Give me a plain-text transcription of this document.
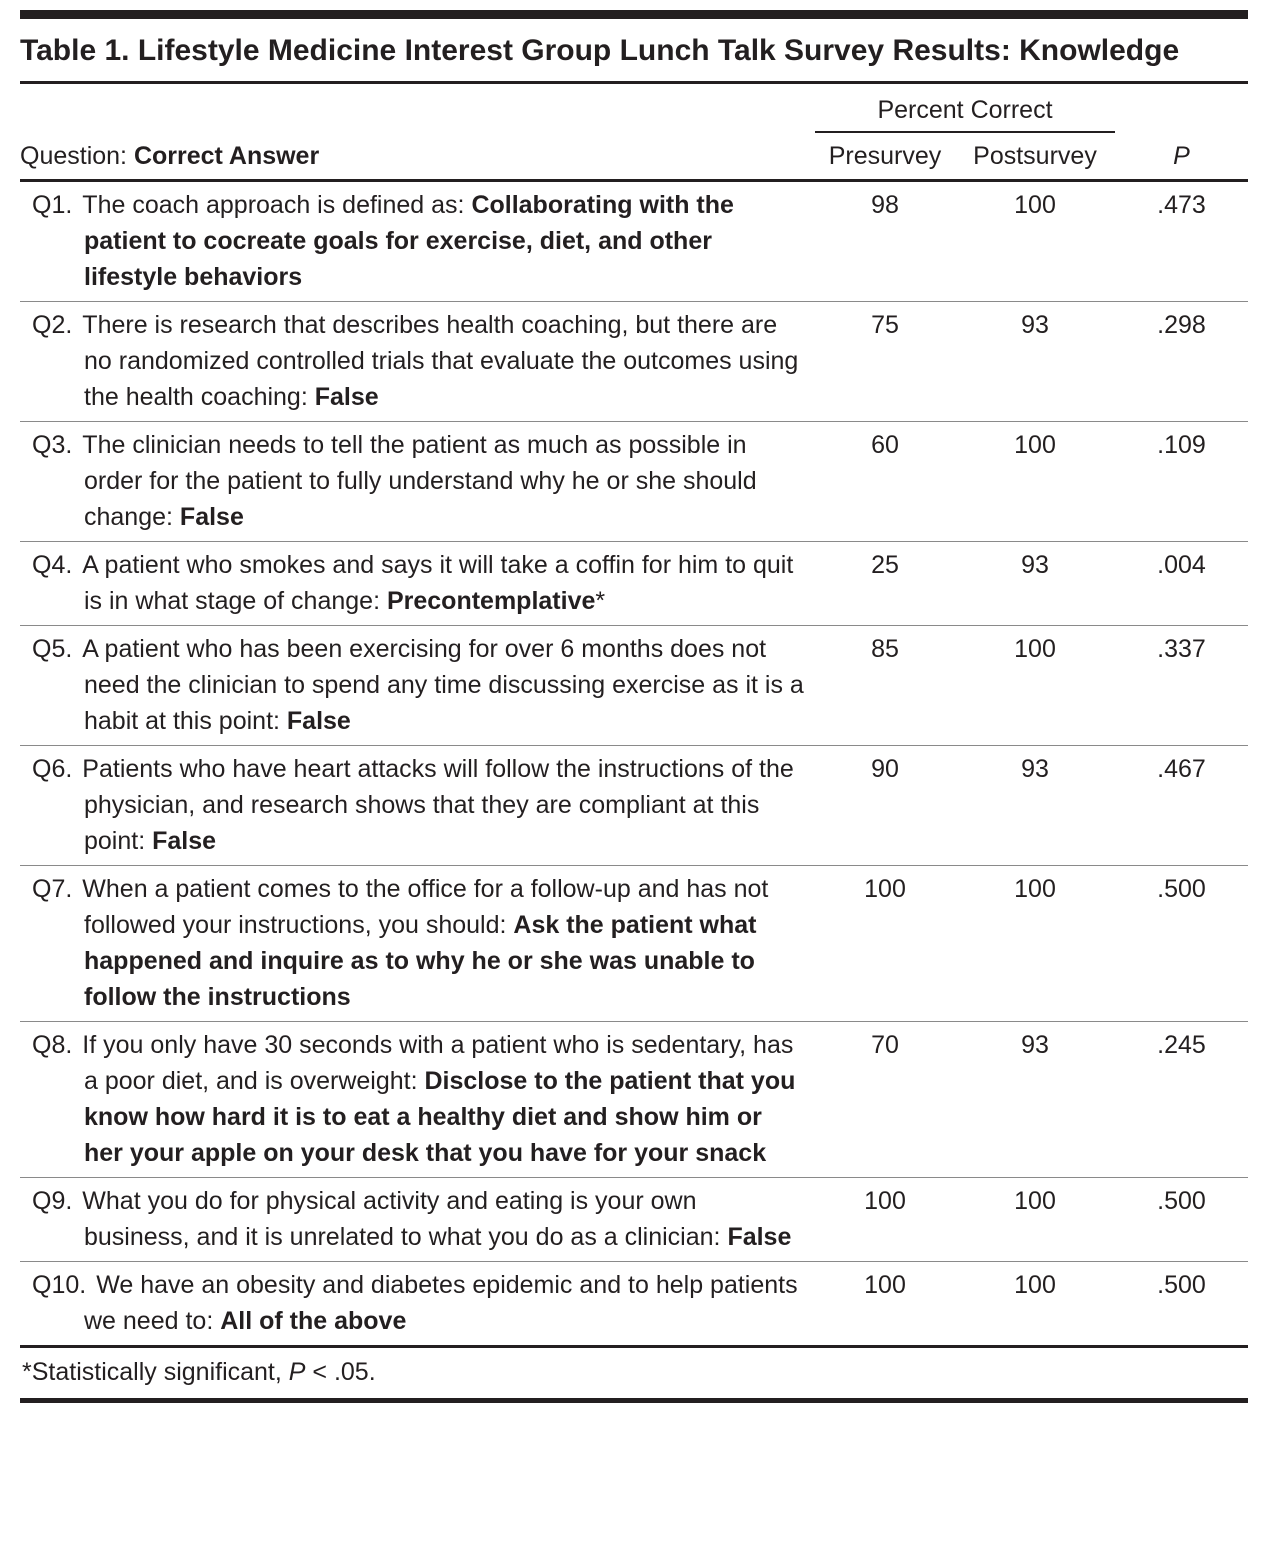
Table 1. Lifestyle Medicine Interest Group Lunch Talk Survey Results: Knowledge
	Percent Correct		
Question: Correct Answer	Presurvey	Postsurvey	P

Q1. The coach approach is defined as: Collaborating with the patient to cocreate goals for exercise, diet, and other lifestyle behaviors	98	100	.473

Q2. There is research that describes health coaching, but there are no randomized controlled trials that evaluate the outcomes using the health coaching: False	75	93	.298

Q3. The clinician needs to tell the patient as much as possible in order for the patient to fully understand why he or she should change: False	60	100	.109

Q4. A patient who smokes and says it will take a coffin for him to quit is in what stage of change: Precontemplative*	25	93	.004

Q5. A patient who has been exercising for over 6 months does not need the clinician to spend any time discussing exercise as it is a habit at this point: False	85	100	.337

Q6. Patients who have heart attacks will follow the instructions of the physician, and research shows that they are compliant at this point: False	90	93	.467

Q7. When a patient comes to the office for a follow-up and has not followed your instructions, you should: Ask the patient what happened and inquire as to why he or she was unable to follow the instructions	100	100	.500

Q8. If you only have 30 seconds with a patient who is sedentary, has a poor diet, and is overweight: Disclose to the patient that you know how hard it is to eat a healthy diet and show him or her your apple on your desk that you have for your snack	70	93	.245

Q9. What you do for physical activity and eating is your own business, and it is unrelated to what you do as a clinician: False	100	100	.500

Q10. We have an obesity and diabetes epidemic and to help patients we need to: All of the above	100	100	.500
*Statistically significant, P < .05.
